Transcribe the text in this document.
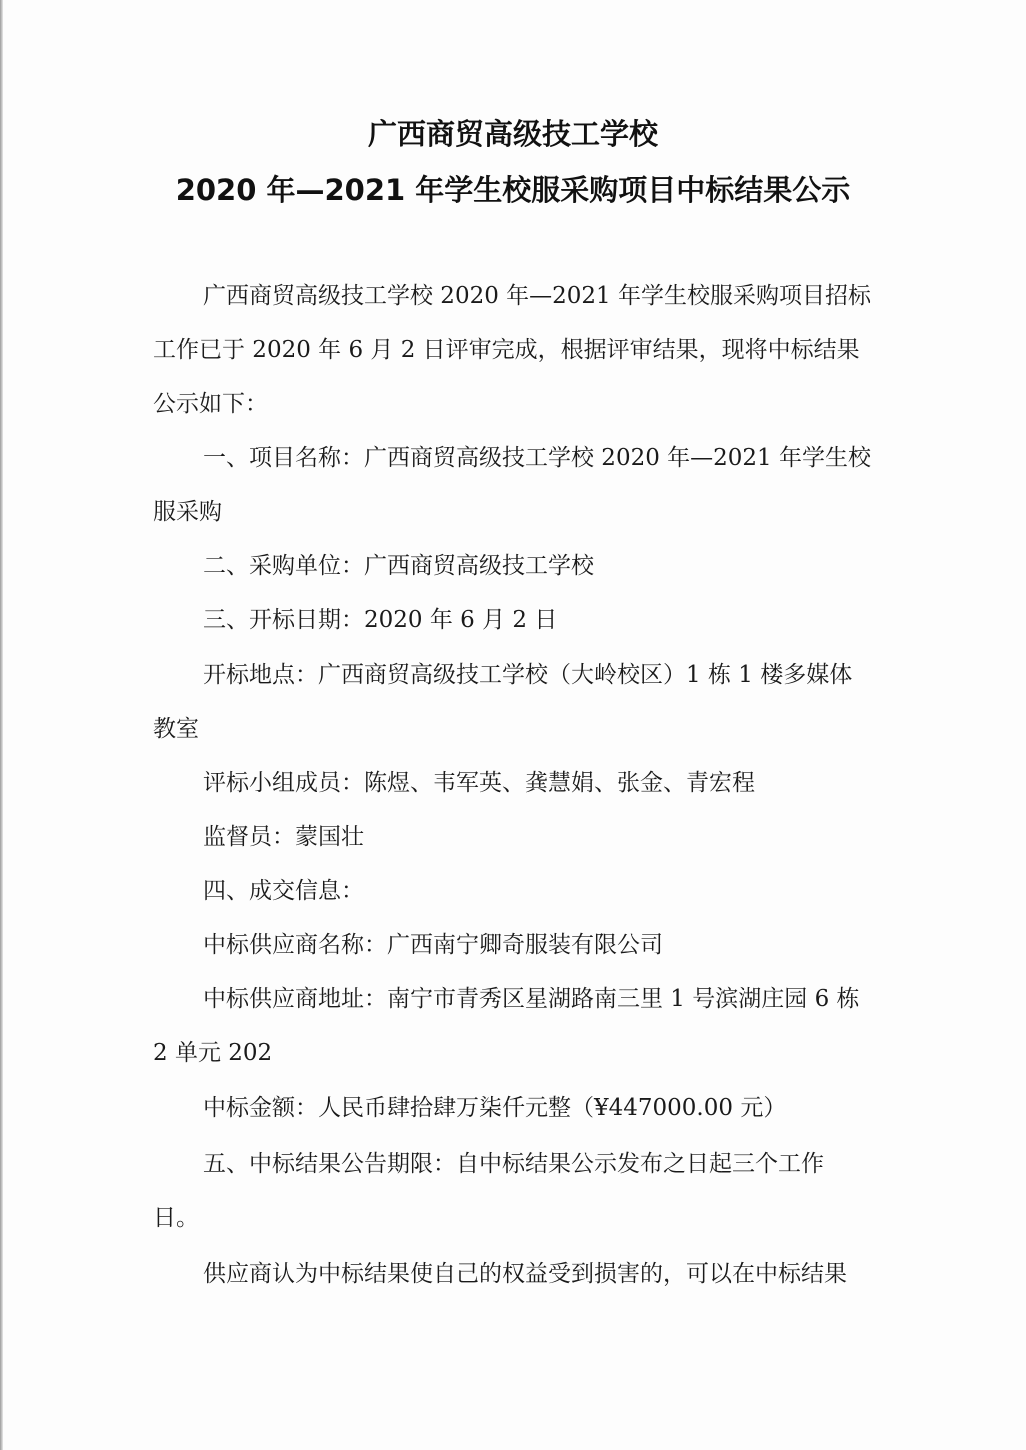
广西商贸高级技工学校
2020 年—2021 年学生校服采购项目中标结果公示
广西商贸高级技工学校 2020 年—2021 年学生校服采购项目招标
工作已于 2020 年 6 月 2 日评审完成，根据评审结果，现将中标结果
公示如下：
一、项目名称：广西商贸高级技工学校 2020 年—2021 年学生校
服采购
二、采购单位：广西商贸高级技工学校
三、开标日期：2020 年 6 月 2 日
开标地点：广西商贸高级技工学校（大岭校区）1 栋 1 楼多媒体
教室
评标小组成员：陈煜、韦军英、龚慧娟、张金、青宏程
监督员：蒙国壮
四、成交信息：
中标供应商名称：广西南宁卿奇服装有限公司
中标供应商地址：南宁市青秀区星湖路南三里 1 号滨湖庄园 6 栋
2 单元 202
中标金额：人民币肆拾肆万柒仟元整（¥447000.00 元）
五、中标结果公告期限：自中标结果公示发布之日起三个工作
日。
供应商认为中标结果使自己的权益受到损害的，可以在中标结果
